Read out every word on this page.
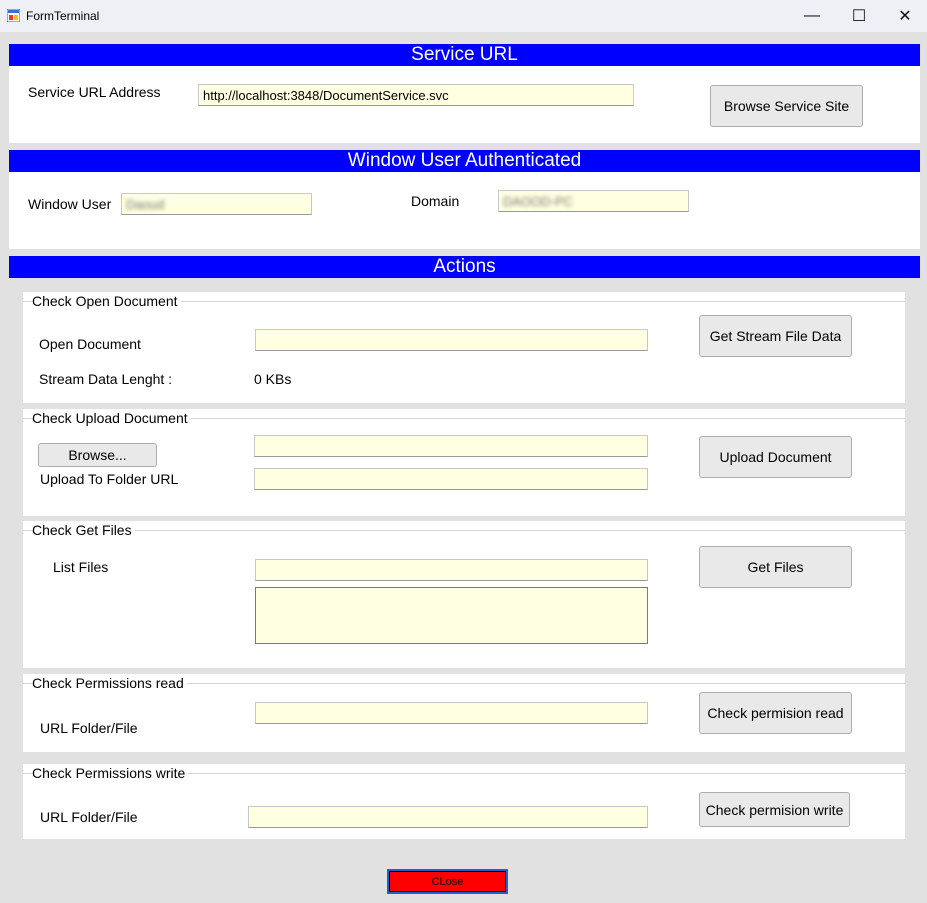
FormTerminal	—	☐	✕
Service URL
Service URL Address	http://localhost:3848/DocumentService.svc
Browse Service Site
Window User Authenticated
Window User	Daoud	Domain	DAOOD-PC
Actions
Check Open Document
Open Document
Stream Data Lenght :	0 KBs
Get Stream File Data
Check Upload Document
Browse...
Upload To Folder URL
Upload Document
Check Get Files
List Files	Get Files
Check Permissions read
URL Folder/File
Check permision read
Check Permissions write
URL Folder/File	Check permision write
CLose
